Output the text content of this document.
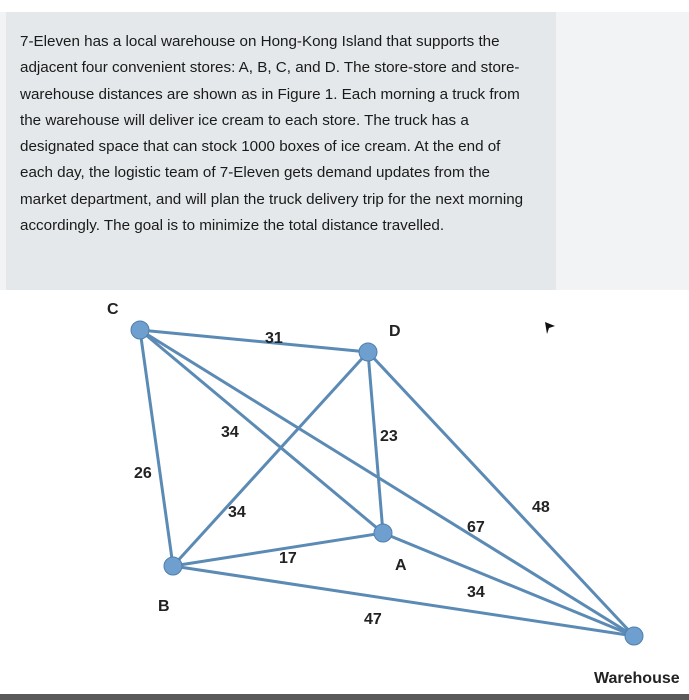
7-Eleven has a local warehouse on Hong-Kong Island that supports the
adjacent four convenient stores: A, B, C, and D. The store-store and store-
warehouse distances are shown as in Figure 1. Each morning a truck from
the warehouse will deliver ice cream to each store. The truck has a
designated space that can stock 1000 boxes of ice cream. At the end of
each day, the logistic team of 7-Eleven gets demand updates from the
market department, and will plan the truck delivery trip for the next morning
accordingly. The goal is to minimize the total distance travelled.

C
D
A
B
Warehouse
31
26
34
34
23
17
47
34
67
48
